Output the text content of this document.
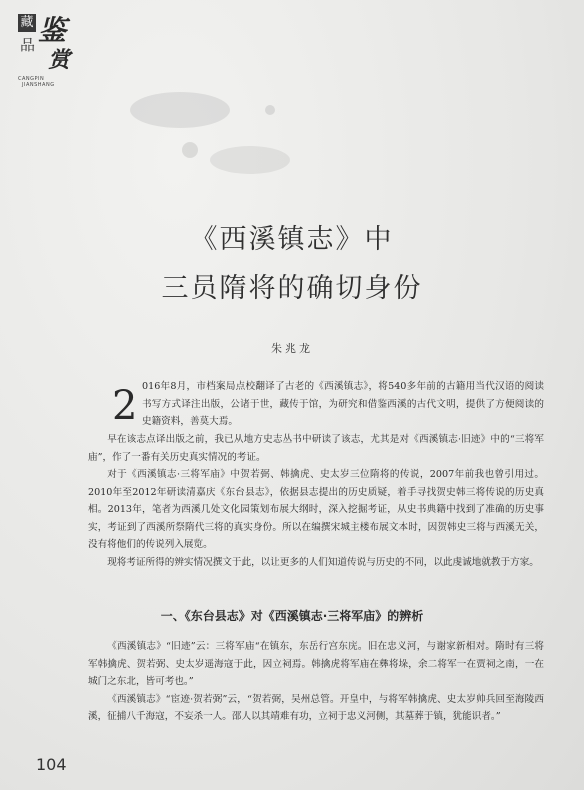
藏
品 鉴
赏
CANGPIN
JIANSHANG
《西溪镇志》中
三员隋将的确切身份
朱兆龙
2 016年8月，市档案局点校翻译了古老的《西溪镇志》，将540多年前的古籍用当代汉语的阅读书写方式译注出版，公诸于世，藏传于馆，为研究和借鉴西溪的古代文明，提供了方便阅读的史籍资料，善莫大焉。

早在该志点译出版之前，我已从地方史志丛书中研读了该志，尤其是对《西溪镇志·旧迹》中的“三将军庙”，作了一番有关历史真实情况的考证。

对于《西溪镇志·三将军庙》中贺若弼、韩擒虎、史太岁三位隋将的传说，2007年前我也曾引用过。2010年至2012年研读清嘉庆《东台县志》，依据县志提出的历史质疑，着手寻找贺史韩三将传说的历史真相。2013年，笔者为西溪几处文化园策划布展大纲时，深入挖掘考证，从史书典籍中找到了准确的历史事实，考证到了西溪所祭隋代三将的真实身份。所以在编撰宋城主楼布展文本时，因贺韩史三将与西溪无关，没有将他们的传说列入展览。

现将考证所得的辨实情况撰文于此，以让更多的人们知道传说与历史的不同，以此虔诚地就教于方家。

一、《东台县志》对《西溪镇志·三将军庙》的辨析

《西溪镇志》“旧迹”云：三将军庙“在镇东，东岳行宫东庑。旧在忠义河，与谢家新相对。隋时有三将军韩擒虎、贺若弼、史太岁遥海寇于此，因立祠焉。韩擒虎将军庙在彝将垛，余二将军一在贾祠之南，一在城门之东北，皆可考也。”

《西溪镇志》“宦迹·贺若弼”云，“贺若弼，吴州总管。开皇中，与将军韩擒虎、史太岁帅兵回至海陵西溪，征捕八千海寇，不妄杀一人。邵人以其靖难有功，立祠于忠义河侧，其墓葬于镇，犹能识者。”

104
